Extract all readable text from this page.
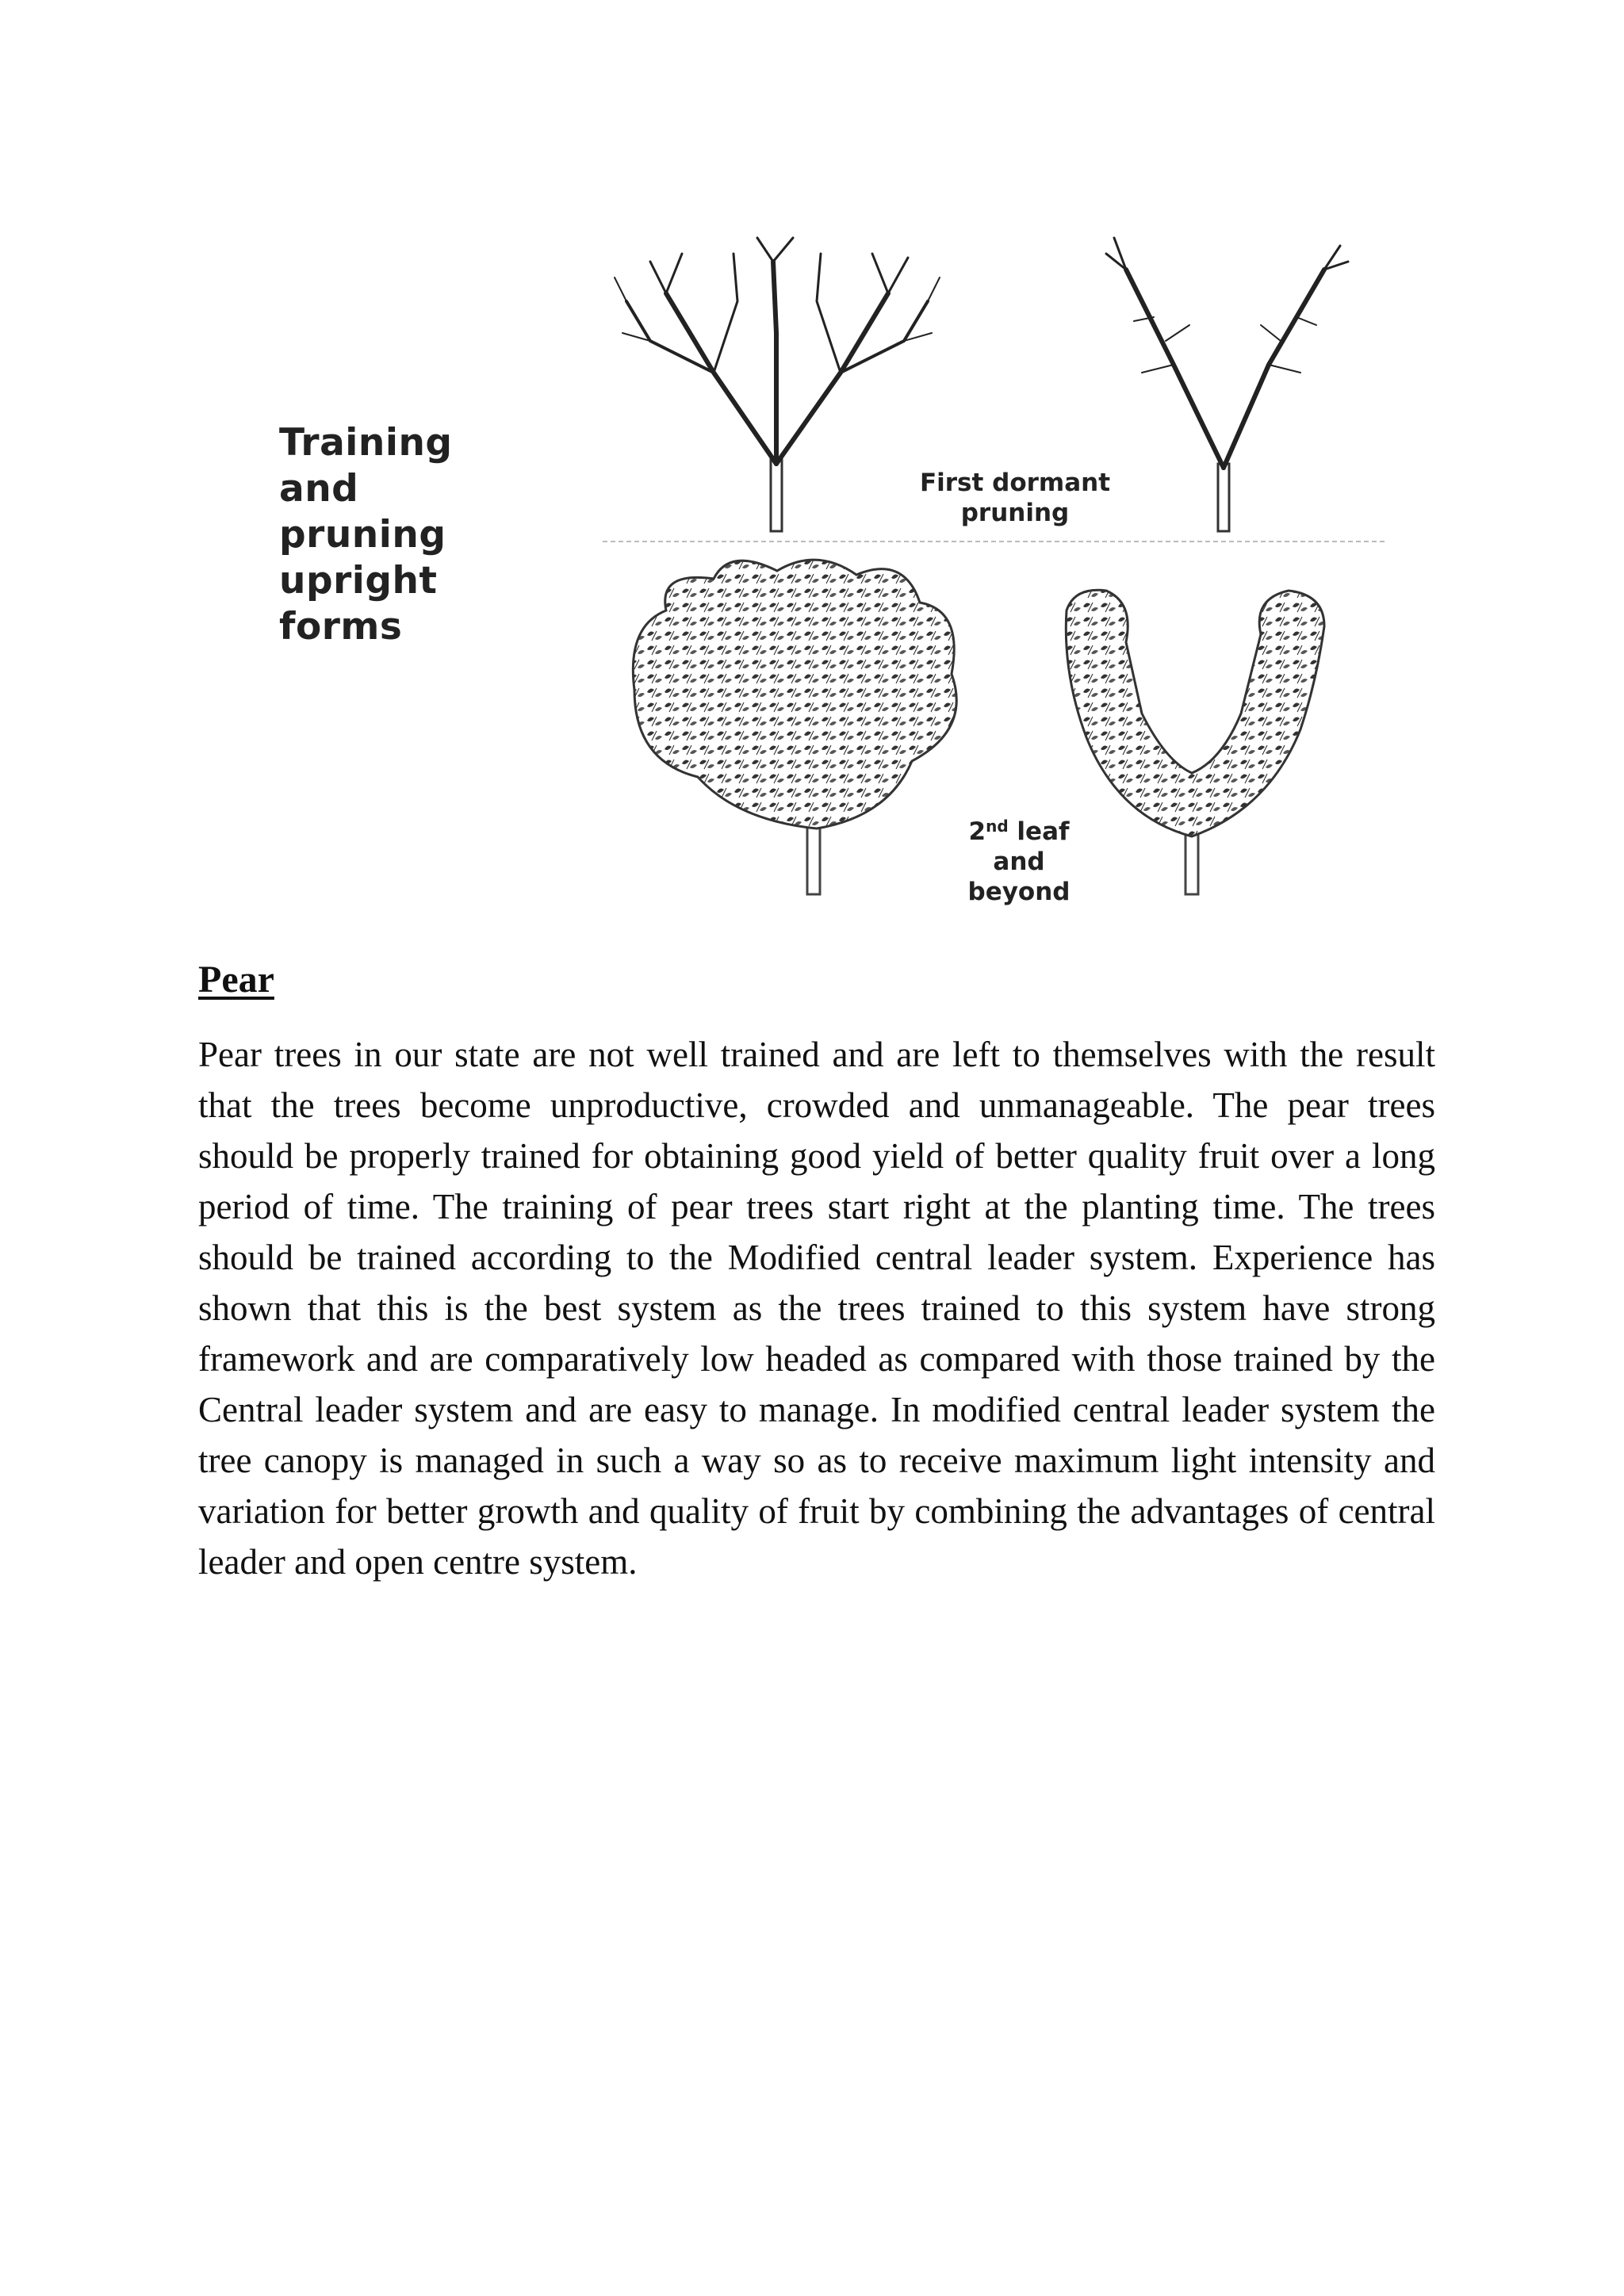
Training and pruning upright forms
First dormant
pruning
2nd leaf
and
beyond
Pear

Pear trees in our state are not well trained and are left to themselves with the result that the trees become unproductive, crowded and unmanageable. The pear trees should be properly trained for obtaining good yield of better quality fruit over a long period of time. The training of pear trees start right at the planting time. The trees should be trained according to the Modified central leader system. Experience has shown that this is the best system as the trees trained to this system have strong framework and are comparatively low headed as compared with those trained by the Central leader system and are easy to manage. In modified central leader system the tree canopy is managed in such a way so as to receive maximum light intensity and variation for better growth and quality of fruit by combining the advantages of central leader and open centre system.
